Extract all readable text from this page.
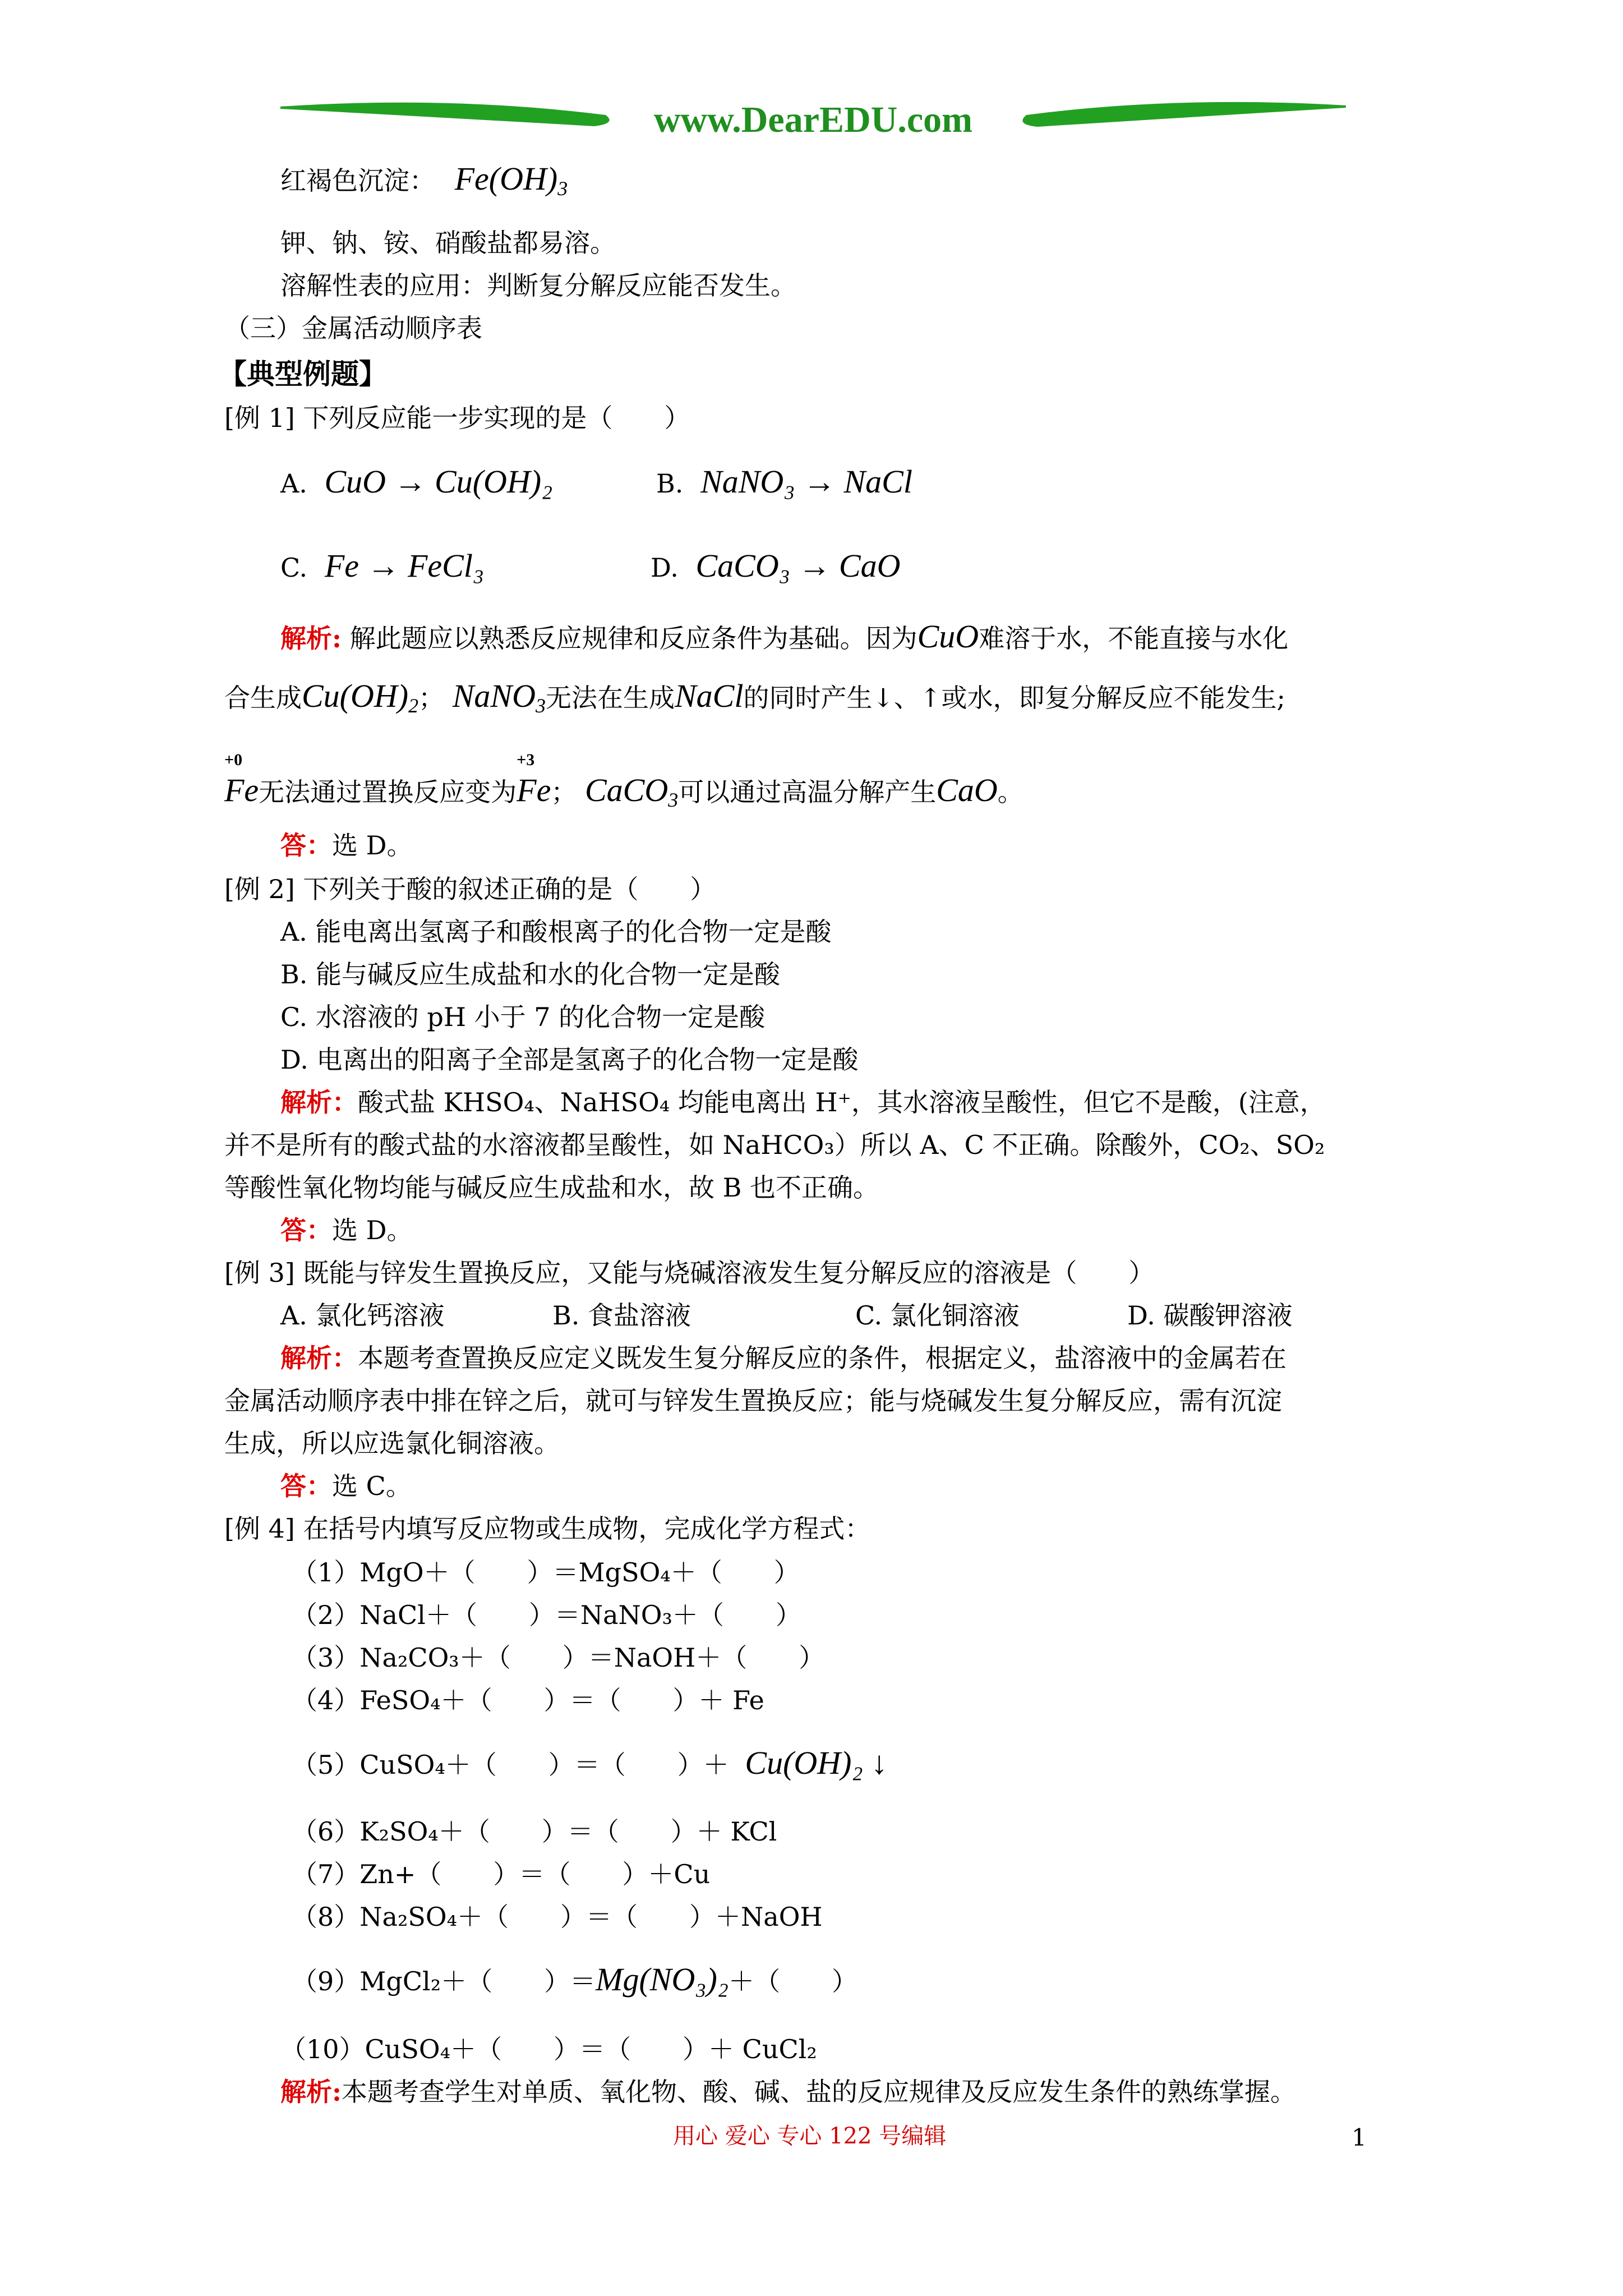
www.DearEDU.com
红褐色沉淀： $Fe(OH)_3$
钾、钠、铵、硝酸盐都易溶。
溶解性表的应用：判断复分解反应能否发生。
（三）金属活动顺序表
【典型例题】
[例 1] 下列反应能一步实现的是（　　）
A. CuO → Cu(OH)₂	B. NaNO₃ → NaCl
C. Fe → FeCl₃	D. CaCO₃ → CaO
解析: 解此题应以熟悉反应规律和反应条件为基础。因为CuO难溶于水，不能直接与水化
合生成$Cu(OH)_2$； NaNO$_3$无法在生成NaCl的同时产生↓、↑或水，即复分解反应不能发生;
+0
Fe无法通过置换反应变为
+3
Fe； CaCO$_3$可以通过高温分解产生CaO。
答：选 D。
[例 2] 下列关于酸的叙述正确的是（　　）
A. 能电离出氢离子和酸根离子的化合物一定是酸
B. 能与碱反应生成盐和水的化合物一定是酸
C. 水溶液的 pH 小于 7 的化合物一定是酸
D. 电离出的阳离子全部是氢离子的化合物一定是酸
解析：酸式盐 KHSO₄、NaHSO₄ 均能电离出 H⁺，其水溶液呈酸性，但它不是酸，(注意，
并不是所有的酸式盐的水溶液都呈酸性，如 NaHCO₃）所以 A、C 不正确。除酸外，CO₂、SO₂
等酸性氧化物均能与碱反应生成盐和水，故 B 也不正确。
答：选 D。
[例 3] 既能与锌发生置换反应，又能与烧碱溶液发生复分解反应的溶液是（　　）
A. 氯化钙溶液	B. 食盐溶液	C. 氯化铜溶液	D. 碳酸钾溶液
解析：本题考查置换反应定义既发生复分解反应的条件，根据定义，盐溶液中的金属若在
金属活动顺序表中排在锌之后，就可与锌发生置换反应；能与烧碱发生复分解反应，需有沉淀
生成，所以应选氯化铜溶液。
答：选 C。
[例 4] 在括号内填写反应物或生成物，完成化学方程式：
（1）MgO＋（　　）＝MgSO₄＋（　　）
（2）NaCl＋（　　）＝NaNO₃＋（　　）
（3）Na₂CO₃＋（　　）＝NaOH＋（　　）
（4）FeSO₄＋（　　）＝（　　）＋ Fe
（5）CuSO₄＋（　　）＝（　　）＋ Cu(OH)₂ ↓
（6）K₂SO₄＋（　　）＝（　　）＋ KCl
（7）Zn+（　　）＝（　　）＋Cu
（8）Na₂SO₄＋（　　）＝（　　）＋NaOH
（9）MgCl₂＋（　　）＝Mg(NO₃)₂＋（　　）
（10）CuSO₄＋（　　）＝（　　）＋ CuCl₂
解析:本题考查学生对单质、氧化物、酸、碱、盐的反应规律及反应发生条件的熟练掌握。
用心 爱心 专心 122 号编辑	1
